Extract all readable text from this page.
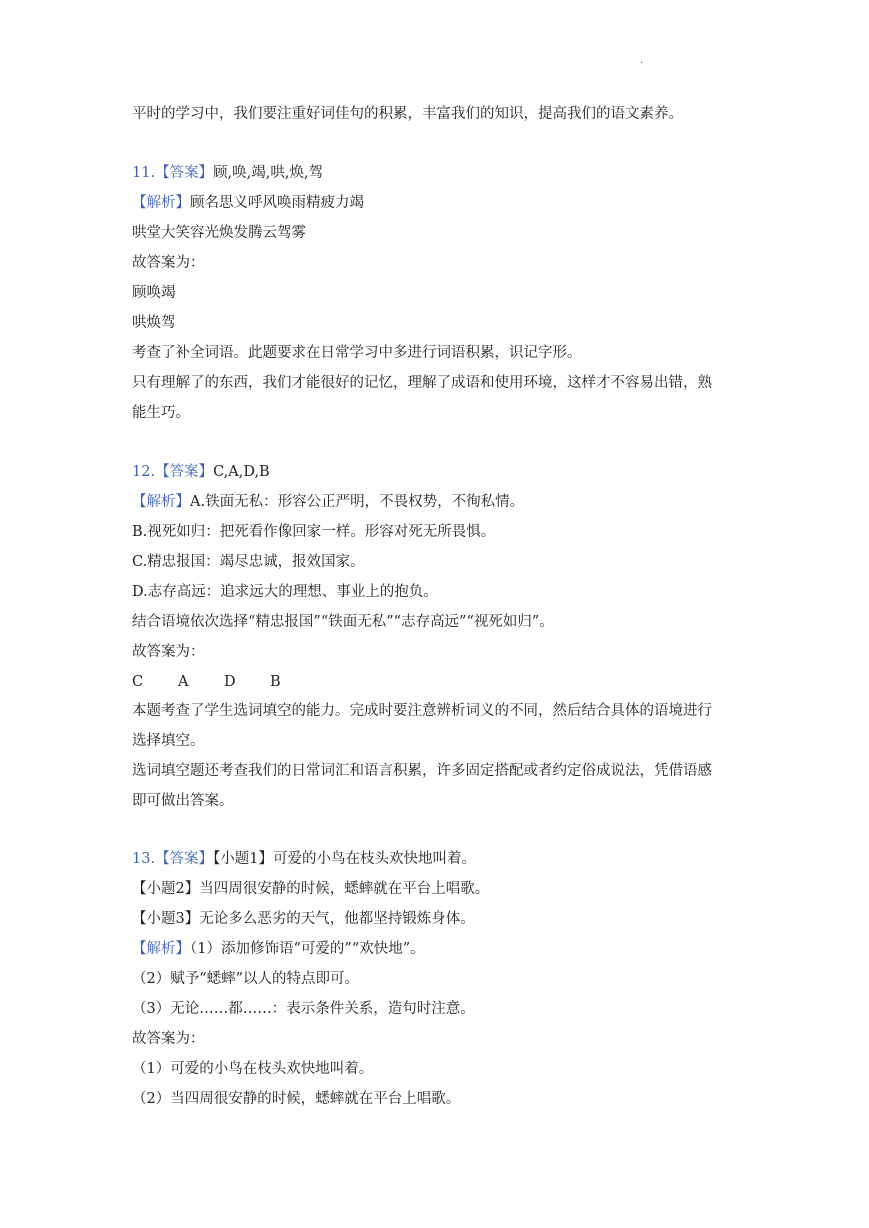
.
平时的学习中，我们要注重好词佳句的积累，丰富我们的知识，提高我们的语文素养。
11.【答案】顾,唤,竭,哄,焕,驾
【解析】顾名思义呼风唤雨精疲力竭
哄堂大笑容光焕发腾云驾雾
故答案为：
顾唤竭
哄焕驾
考查了补全词语。此题要求在日常学习中多进行词语积累，识记字形。
只有理解了的东西，我们才能很好的记忆，理解了成语和使用环境，这样才不容易出错，熟
能生巧。
12.【答案】C,A,D,B
【解析】A.铁面无私：形容公正严明，不畏权势，不徇私情。
B.视死如归：把死看作像回家一样。形容对死无所畏惧。
C.精忠报国：竭尽忠诚，报效国家。
D.志存高远：追求远大的理想、事业上的抱负。
结合语境依次选择“精忠报国”“铁面无私”“志存高远”“视死如归”。
故答案为：
C A D B
本题考查了学生选词填空的能力。完成时要注意辨析词义的不同，然后结合具体的语境进行
选择填空。
选词填空题还考查我们的日常词汇和语言积累，许多固定搭配或者约定俗成说法，凭借语感
即可做出答案。
13.【答案】【小题1】可爱的小鸟在枝头欢快地叫着。
【小题2】当四周很安静的时候，蟋蟀就在平台上唱歌。
【小题3】无论多么恶劣的天气，他都坚持锻炼身体。
【解析】（1）添加修饰语“可爱的”“欢快地”。
（2）赋予“蟋蟀”以人的特点即可。
（3）无论……都……：表示条件关系，造句时注意。
故答案为：
（1）可爱的小鸟在枝头欢快地叫着。
（2）当四周很安静的时候，蟋蟀就在平台上唱歌。
